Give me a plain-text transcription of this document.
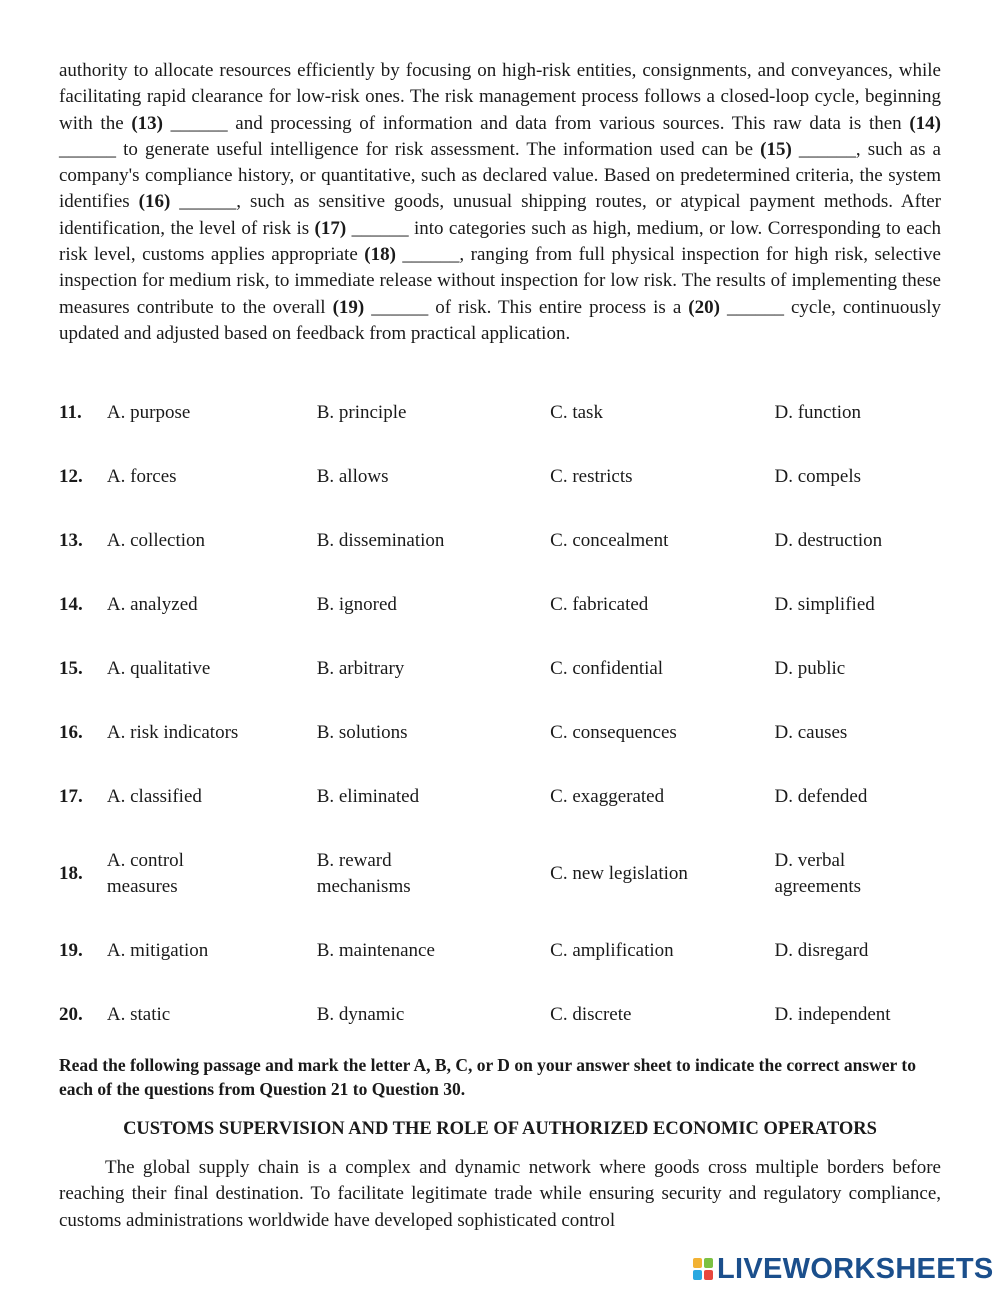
authority to allocate resources efficiently by focusing on high-risk entities, consignments, and conveyances, while facilitating rapid clearance for low-risk ones. The risk management process follows a closed-loop cycle, beginning with the (13) ______ and processing of information and data from various sources. This raw data is then (14) ______ to generate useful intelligence for risk assessment. The information used can be (15) ______, such as a company's compliance history, or quantitative, such as declared value. Based on predetermined criteria, the system identifies (16) ______, such as sensitive goods, unusual shipping routes, or atypical payment methods. After identification, the level of risk is (17) ______ into categories such as high, medium, or low. Corresponding to each risk level, customs applies appropriate (18) ______, ranging from full physical inspection for high risk, selective inspection for medium risk, to immediate release without inspection for low risk. The results of implementing these measures contribute to the overall (19) ______ of risk. This entire process is a (20) ______ cycle, continuously updated and adjusted based on feedback from practical application.

11.	A. purpose	B. principle	C. task	D. function
12.	A. forces	B. allows	C. restricts	D. compels
13.	A. collection	B. dissemination	C. concealment	D. destruction
14.	A. analyzed	B. ignored	C. fabricated	D. simplified
15.	A. qualitative	B. arbitrary	C. confidential	D. public
16.	A. risk indicators	B. solutions	C. consequences	D. causes
17.	A. classified	B. eliminated	C. exaggerated	D. defended
18.	A. control measures	B. reward mechanisms	C. new legislation	D. verbal agreements
19.	A. mitigation	B. maintenance	C. amplification	D. disregard
20.	A. static	B. dynamic	C. discrete	D. independent

Read the following passage and mark the letter A, B, C, or D on your answer sheet to indicate the correct answer to each of the questions from Question 21 to Question 30.

CUSTOMS SUPERVISION AND THE ROLE OF AUTHORIZED ECONOMIC OPERATORS

The global supply chain is a complex and dynamic network where goods cross multiple borders before reaching their final destination. To facilitate legitimate trade while ensuring security and regulatory compliance, customs administrations worldwide have developed sophisticated control

LIVEWORKSHEETS
